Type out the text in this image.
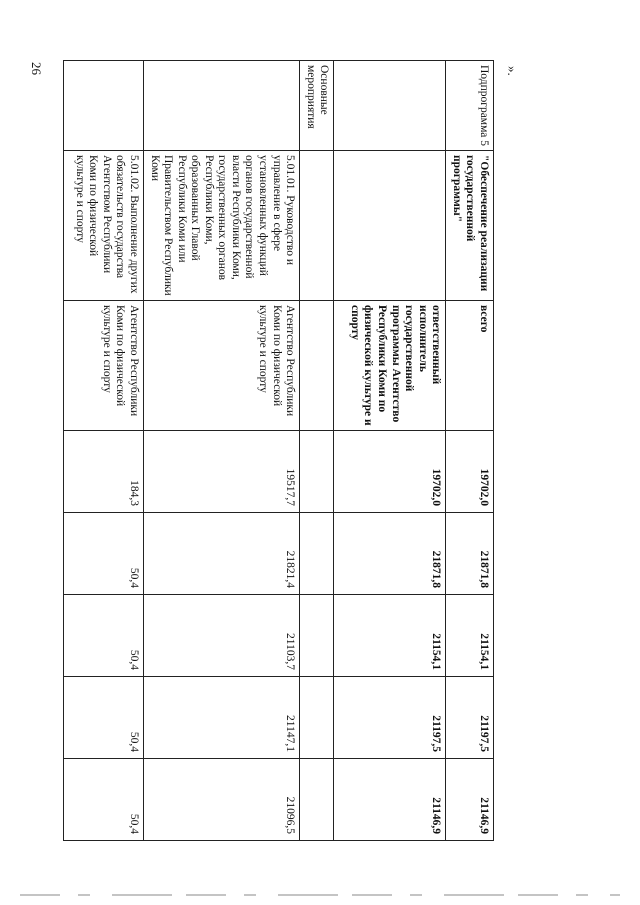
26	».
Подпрограмма 5	"Обеспечение реализации государственной программы"	всего	19702,0	21871,8	21154,1	21197,5	21146,9
		ответственный исполнитель государственной программы Агентство Республики Коми по физической культуре и спорту	19702,0	21871,8	21154,1	21197,5	21146,9
Основные мероприятия							
	5.01.01. Руководство и управление в сфере установленных функций органов государственной власти Республики Коми, государственных органов Республики Коми, образованных Главой Республики Коми или Правительством Республики Коми	Агентство Республики Коми по физической культуре и спорту	19517,7	21821,4	21103,7	21147,1	21096,5
	5.01.02. Выполнение других обязательств государства Агентством Республики Коми по физической культуре и спорту	Агентство Республики Коми по физической культуре и спорту	184,3	50,4	50,4	50,4	50,4
